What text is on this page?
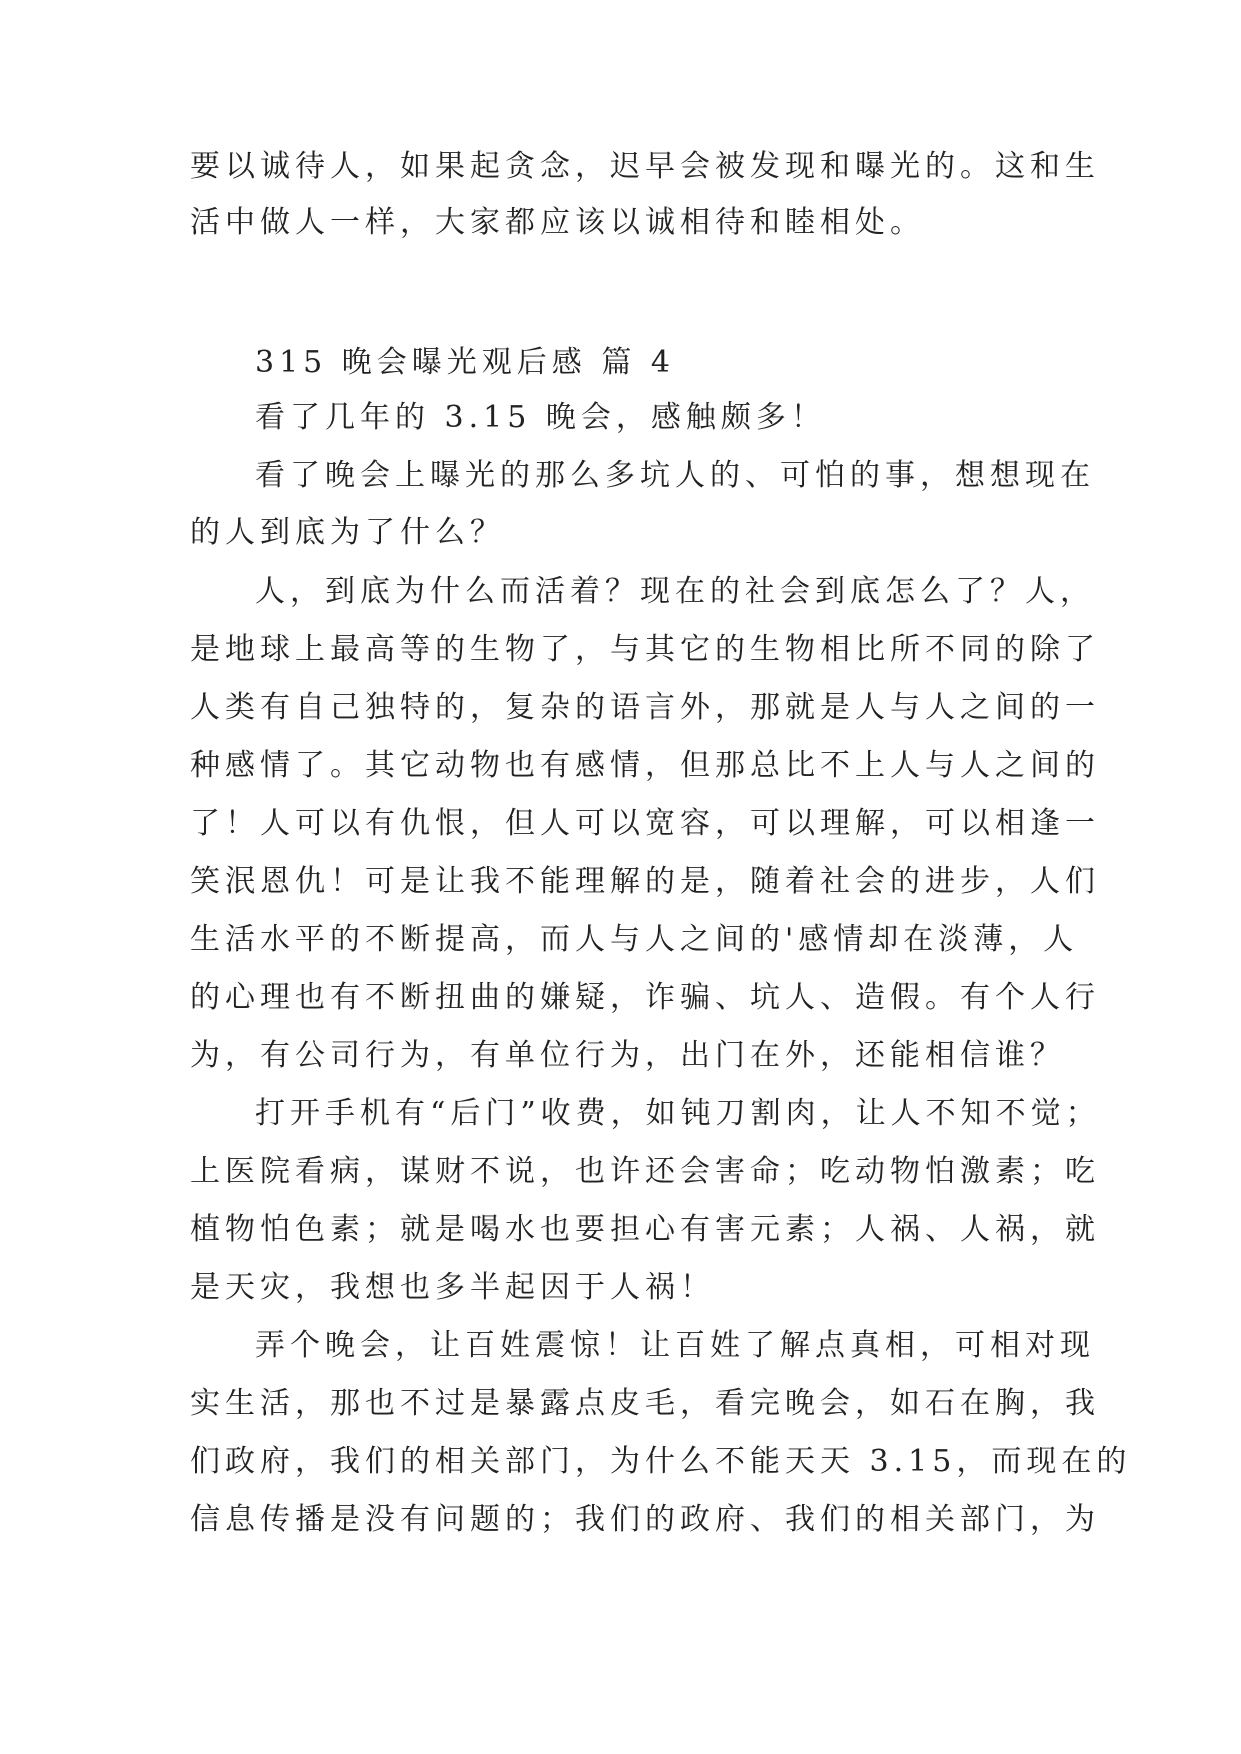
要以诚待人，如果起贪念，迟早会被发现和曝光的。这和生
活中做人一样，大家都应该以诚相待和睦相处。
315 晚会曝光观后感 篇 4
看了几年的 3.15 晚会，感触颇多！
看了晚会上曝光的那么多坑人的、可怕的事，想想现在
的人到底为了什么？
人，到底为什么而活着？现在的社会到底怎么了？人，
是地球上最高等的生物了，与其它的生物相比所不同的除了
人类有自己独特的，复杂的语言外，那就是人与人之间的一
种感情了。其它动物也有感情，但那总比不上人与人之间的
了！人可以有仇恨，但人可以宽容，可以理解，可以相逢一
笑泯恩仇！可是让我不能理解的是，随着社会的进步，人们
生活水平的不断提高，而人与人之间的'感情却在淡薄，人
的心理也有不断扭曲的嫌疑，诈骗、坑人、造假。有个人行
为，有公司行为，有单位行为，出门在外，还能相信谁？
打开手机有“后门”收费，如钝刀割肉，让人不知不觉；
上医院看病，谋财不说，也许还会害命；吃动物怕激素；吃
植物怕色素；就是喝水也要担心有害元素；人祸、人祸，就
是天灾，我想也多半起因于人祸！
弄个晚会，让百姓震惊！让百姓了解点真相，可相对现
实生活，那也不过是暴露点皮毛，看完晚会，如石在胸，我
们政府，我们的相关部门，为什么不能天天 3.15，而现在的
信息传播是没有问题的；我们的政府、我们的相关部门，为
